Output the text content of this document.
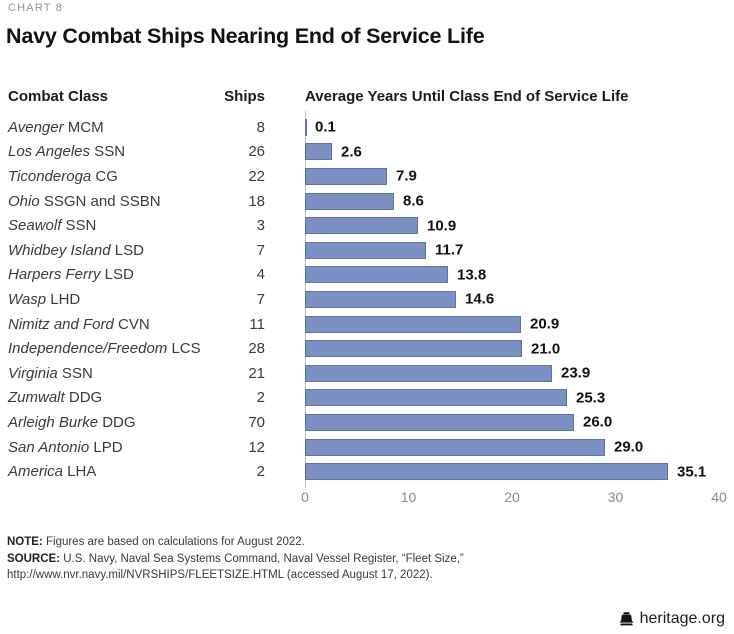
CHART 8
Navy Combat Ships Nearing End of Service Life
Combat Class	Ships	Average Years Until Class End of Service Life
Avenger MCM	8	0.1
Los Angeles SSN	26	2.6
Ticonderoga CG	22	7.9
Ohio SSGN and SSBN	18	8.6
Seawolf SSN	3	10.9
Whidbey Island LSD	7	11.7
Harpers Ferry LSD	4	13.8
Wasp LHD	7	14.6
Nimitz and Ford CVN	11	20.9
Independence/Freedom LCS	28	21.0
Virginia SSN	21	23.9
Zumwalt DDG	2	25.3
Arleigh Burke DDG	70	26.0
San Antonio LPD	12	29.0
America LHA	2	35.1
0	10	20	30	40

NOTE: Figures are based on calculations for August 2022.

SOURCE: U.S. Navy, Naval Sea Systems Command, Naval Vessel Register, “Fleet Size,” http://www.nvr.navy.mil/NVRSHIPS/FLEETSIZE.HTML (accessed August 17, 2022).

heritage.org
